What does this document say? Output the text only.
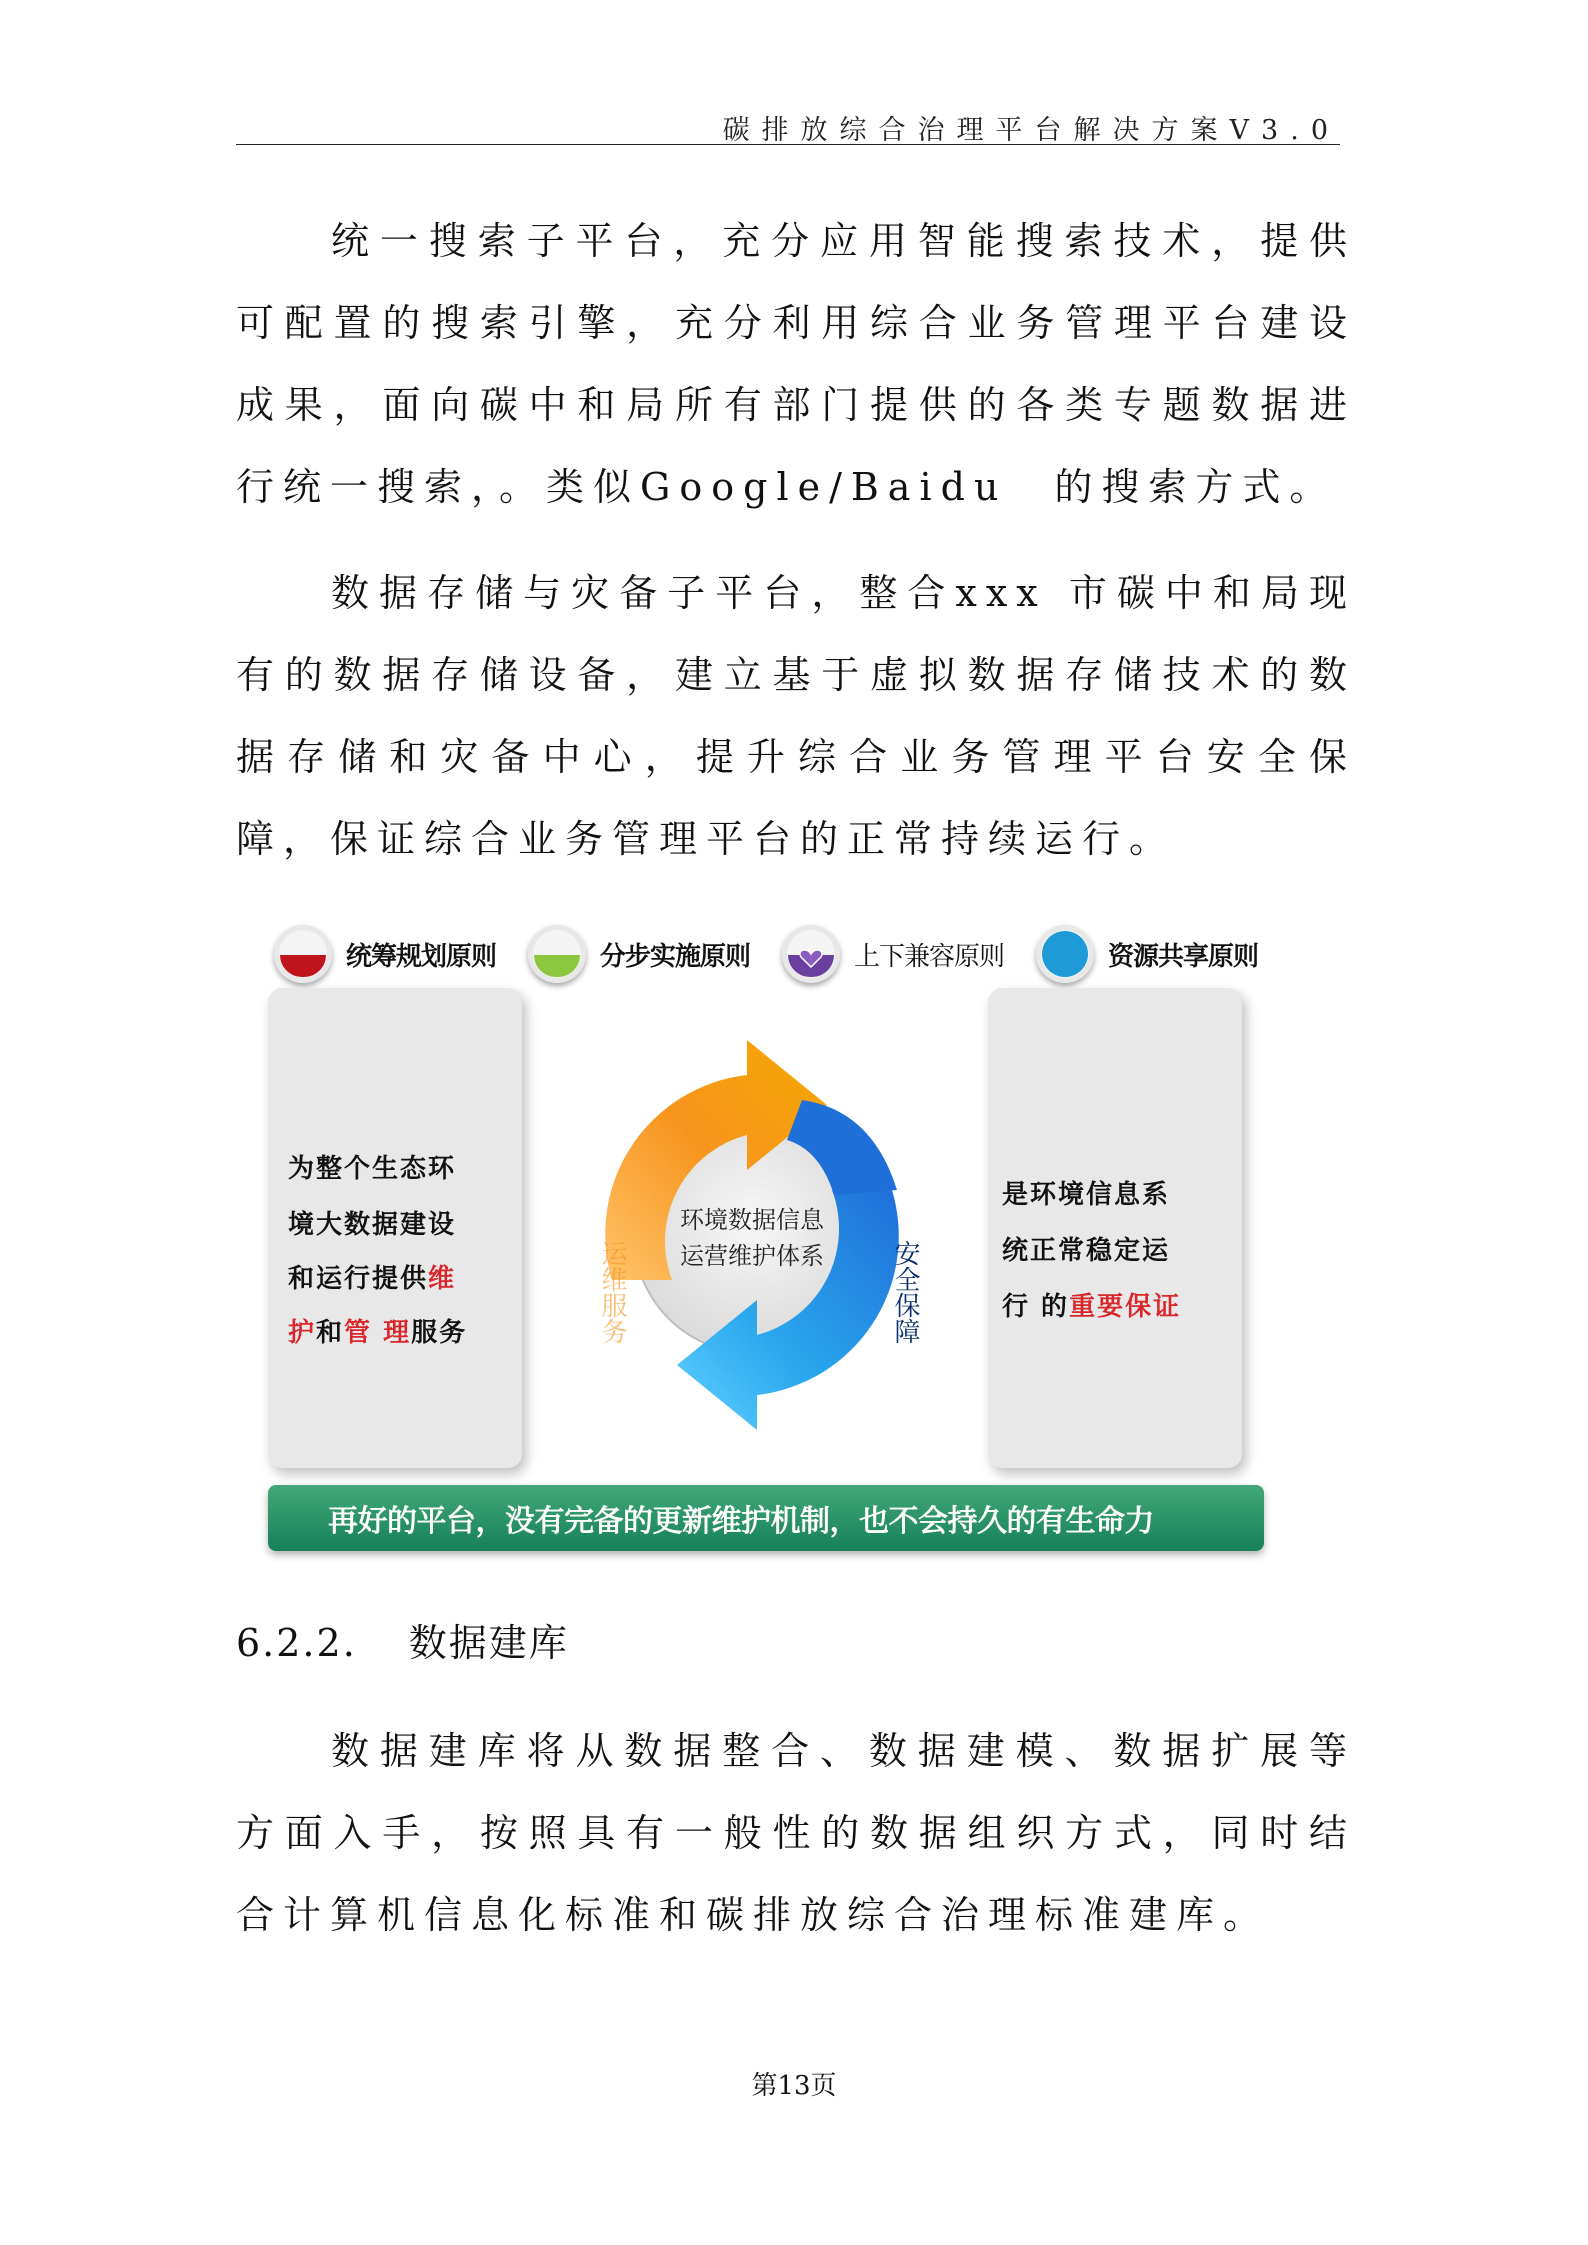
碳排放综合治理平台解决方案V3.0

统一搜索子平台，充分应用智能搜索技术，提供可配置的搜索引擎，充分利用综合业务管理平台建设成果，面向碳中和局所有部门提供的各类专题数据进行统一搜索，。类似Google/Baidu　的搜索方式。

数据存储与灾备子平台，整合xxx 市碳中和局现有的数据存储设备，建立基于虚拟数据存储技术的数据存储和灾备中心，提升综合业务管理平台安全保障，保证综合业务管理平台的正常持续运行。

统筹规划原则	分步实施原则	上下兼容原则	资源共享原则
为整个生态环
境大数据建设
和运行提供维
护和管 理服务
是环境信息系
统正常稳定运
行 的重要保证
环境数据信息
运营维护体系
运维服务	安全保障
再好的平台，没有完备的更新维护机制，也不会持久的有生命力
6.2.2. 数据建库

数据建库将从数据整合、数据建模、数据扩展等方面入手，按照具有一般性的数据组织方式，同时结合计算机信息化标准和碳排放综合治理标准建库。

第13页
